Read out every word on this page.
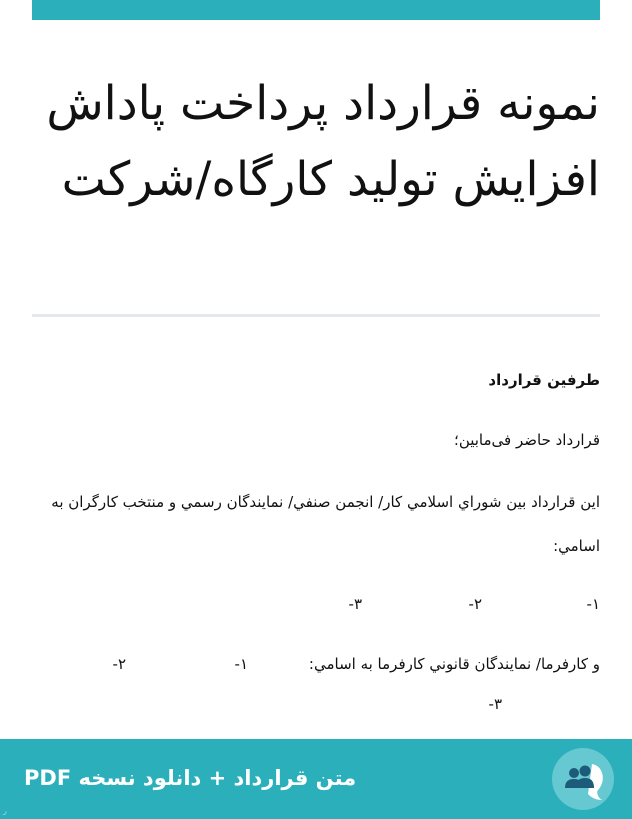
نمونه قرارداد پرداخت پاداش افزایش تولید کارگاه/شرکت

طرفین قرارداد

قرارداد حاضر فی‌مابین؛

اين قرارداد بين شوراي اسلامي کار/ انجمن صنفي/ نمايندگان رسمي و منتخب کارگران به اسامي:

١-
٢-
٣-
و کارفرما/ نمايندگان قانوني کارفرما به اسامي:
١-
٢-
٣-
متن قرارداد + دانلود نسخه PDF
ر
